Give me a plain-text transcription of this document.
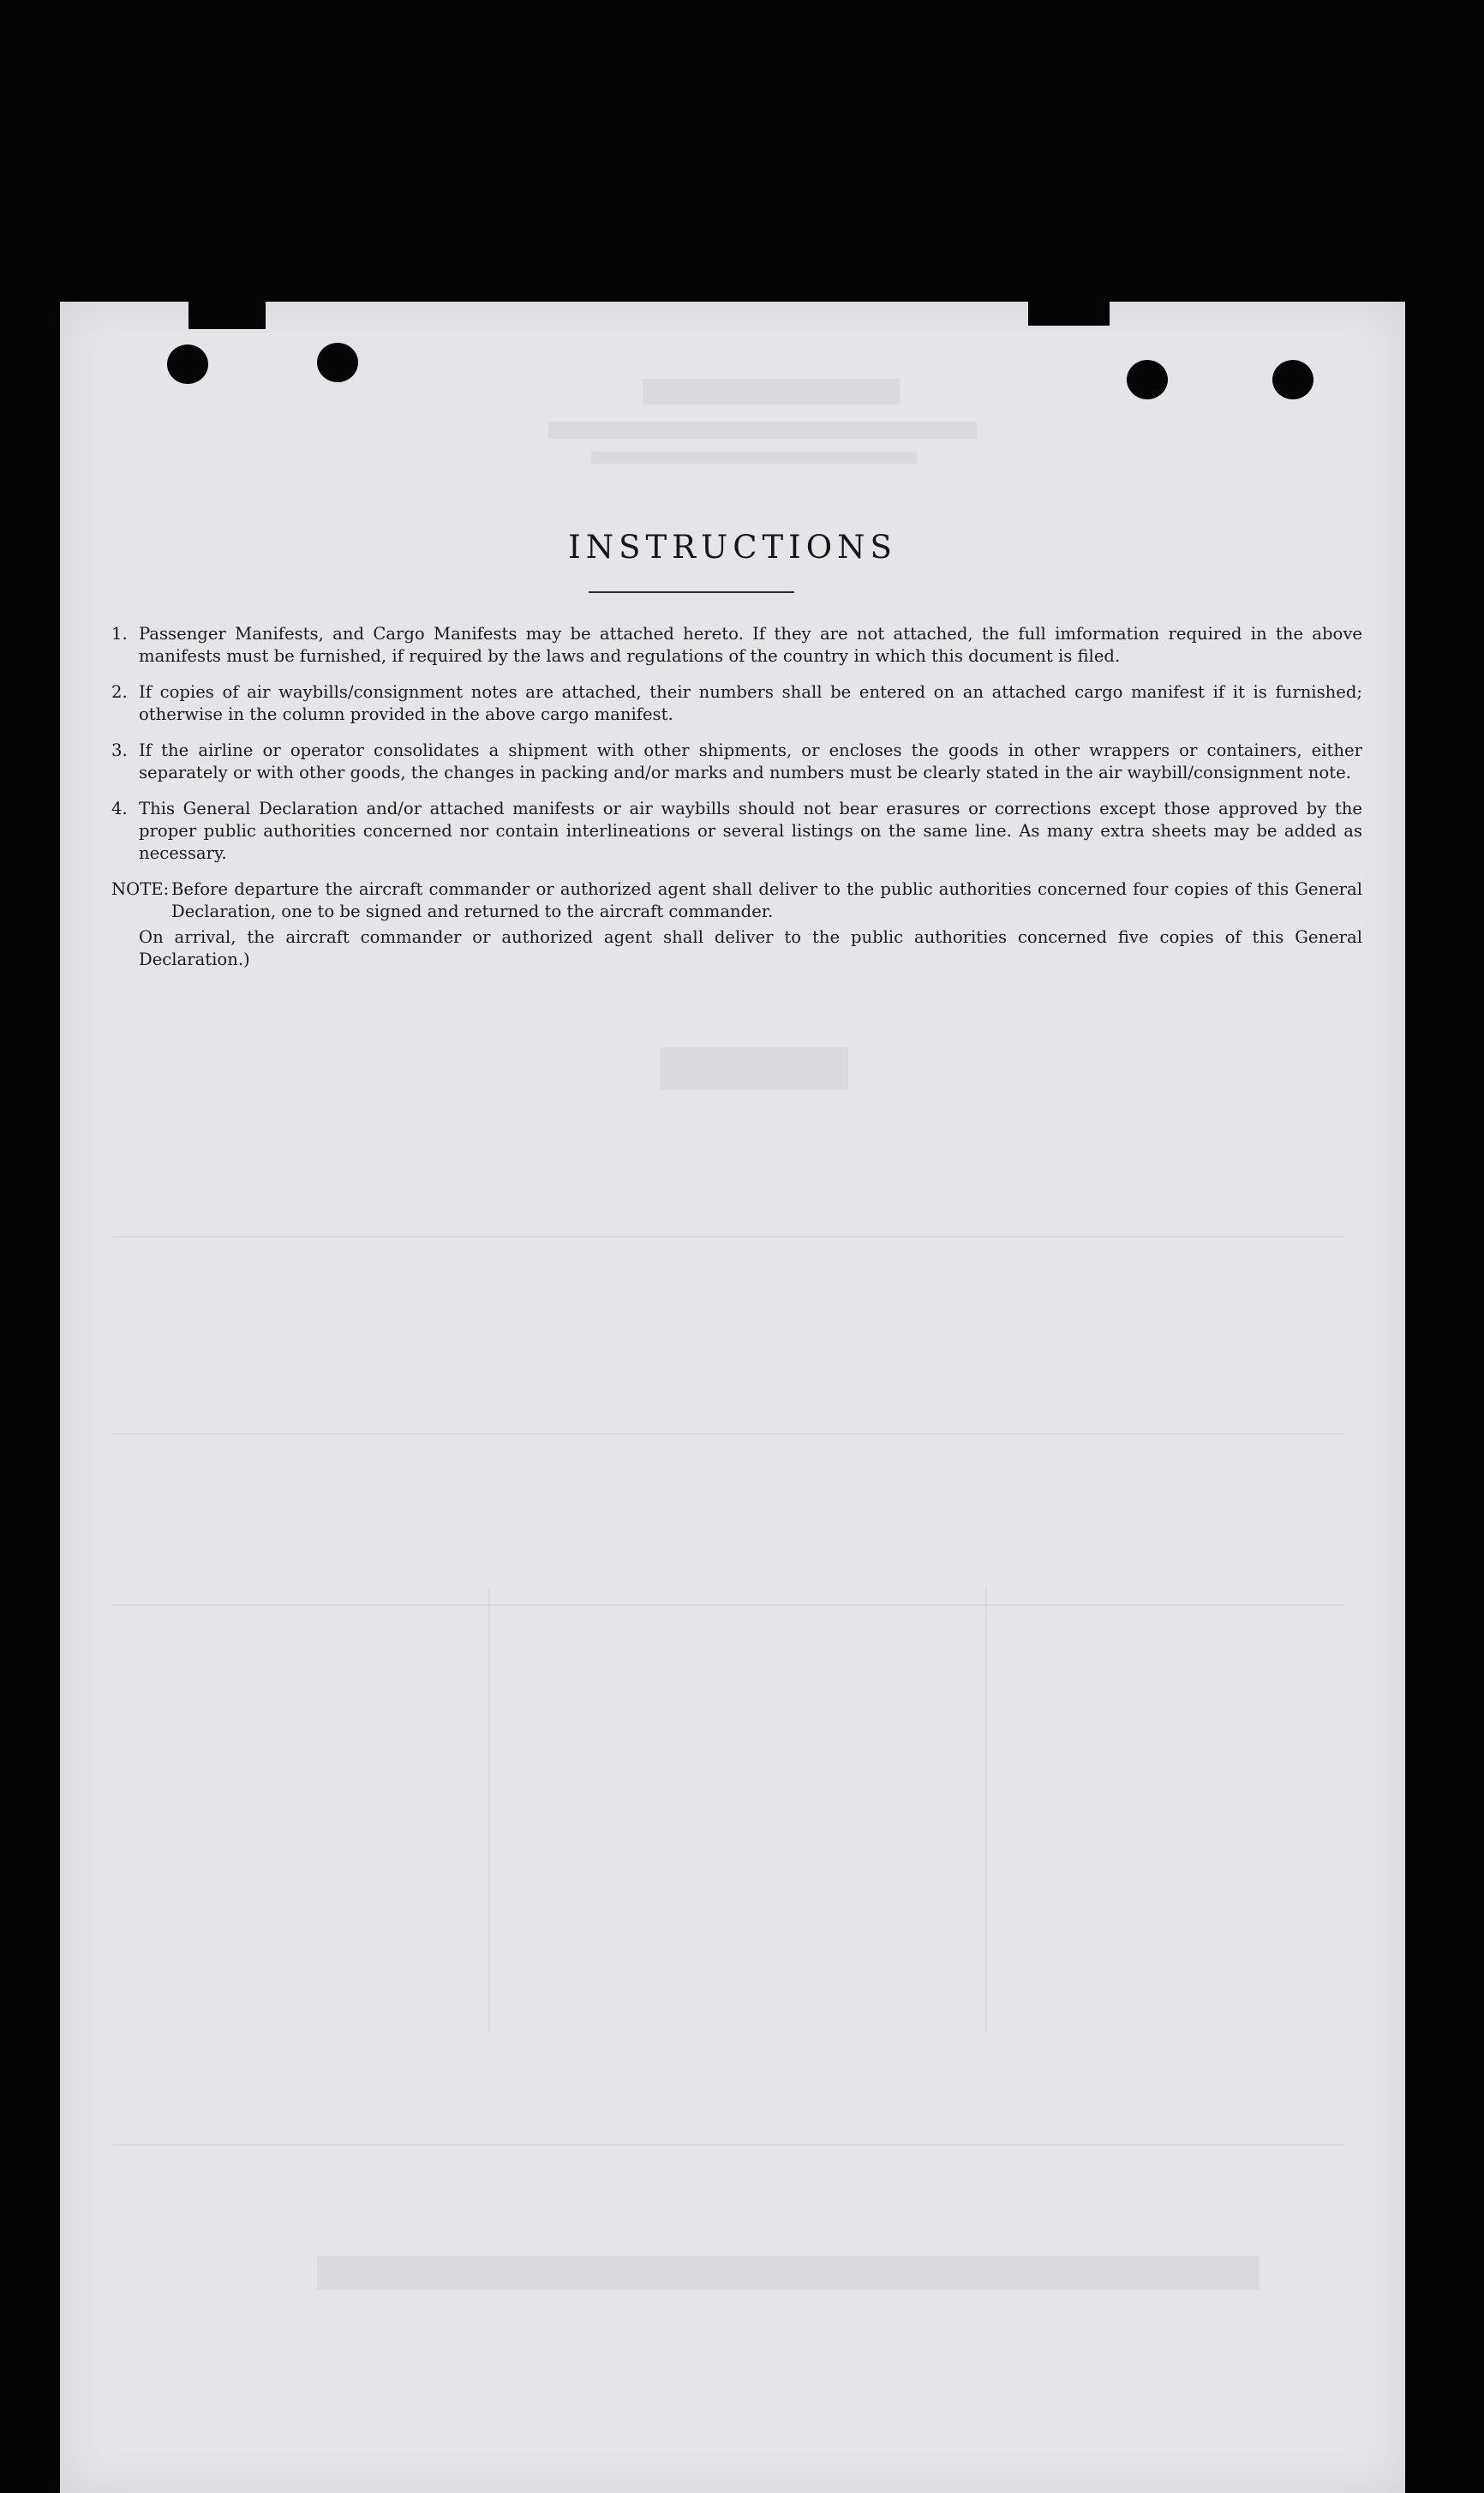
INSTRUCTIONS
1. Passenger Manifests, and Cargo Manifests may be attached hereto. If they are not attached, the full imformation required in the above manifests must be furnished, if required by the laws and regulations of the country in which this document is filed.
2. If copies of air waybills/consignment notes are attached, their numbers shall be entered on an attached cargo manifest if it is furnished; otherwise in the column provided in the above cargo manifest.
3. If the airline or operator consolidates a shipment with other shipments, or encloses the goods in other wrappers or containers, either separately or with other goods, the changes in packing and/or marks and numbers must be clearly stated in the air waybill/consignment note.
4. This General Declaration and/or attached manifests or air waybills should not bear erasures or corrections except those approved by the proper public authorities concerned nor contain interlineations or several listings on the same line. As many extra sheets may be added as necessary.
NOTE: Before departure the aircraft commander or authorized agent shall deliver to the public authorities concerned four copies of this General Declaration, one to be signed and returned to the aircraft commander.
On arrival, the aircraft commander or authorized agent shall deliver to the public authorities concerned five copies of this General Declaration.)
